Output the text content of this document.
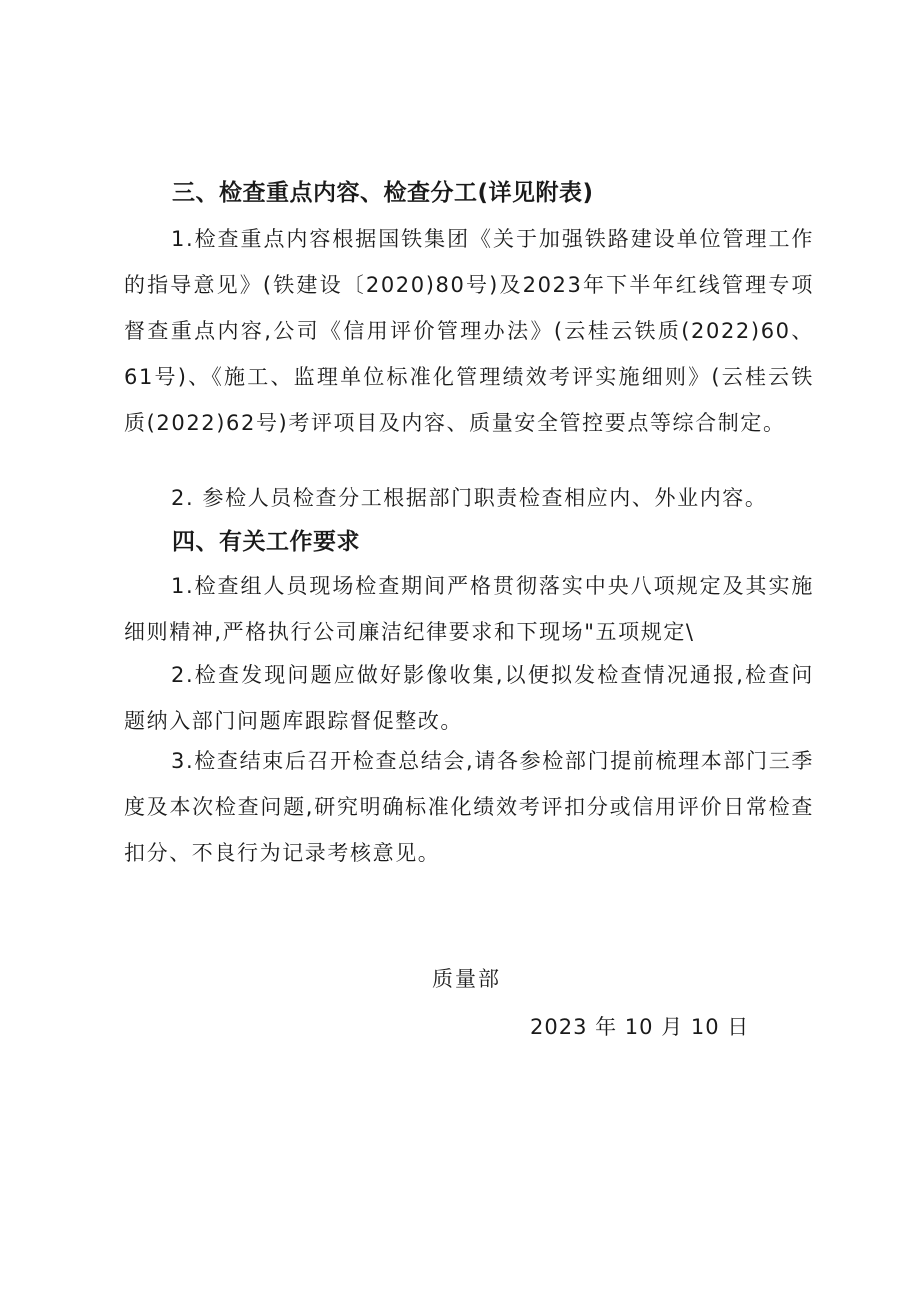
三、检查重点内容、检查分工(详见附表)
1.检查重点内容根据国铁集团《关于加强铁路建设单位管理工作的指导意见》(铁建设〔2020)80号)及2023年下半年红线管理专项督查重点内容,公司《信用评价管理办法》(云桂云铁质(2022)60、61号)、《施工、监理单位标准化管理绩效考评实施细则》(云桂云铁质(2022)62号)考评项目及内容、质量安全管控要点等综合制定。
2. 参检人员检查分工根据部门职责检查相应内、外业内容。
四、有关工作要求
1.检查组人员现场检查期间严格贯彻落实中央八项规定及其实施细则精神,严格执行公司廉洁纪律要求和下现场"五项规定\
2.检查发现问题应做好影像收集,以便拟发检查情况通报,检查问题纳入部门问题库跟踪督促整改。
3.检查结束后召开检查总结会,请各参检部门提前梳理本部门三季度及本次检查问题,研究明确标准化绩效考评扣分或信用评价日常检查扣分、不良行为记录考核意见。
质量部
2023 年 10 月 10 日
